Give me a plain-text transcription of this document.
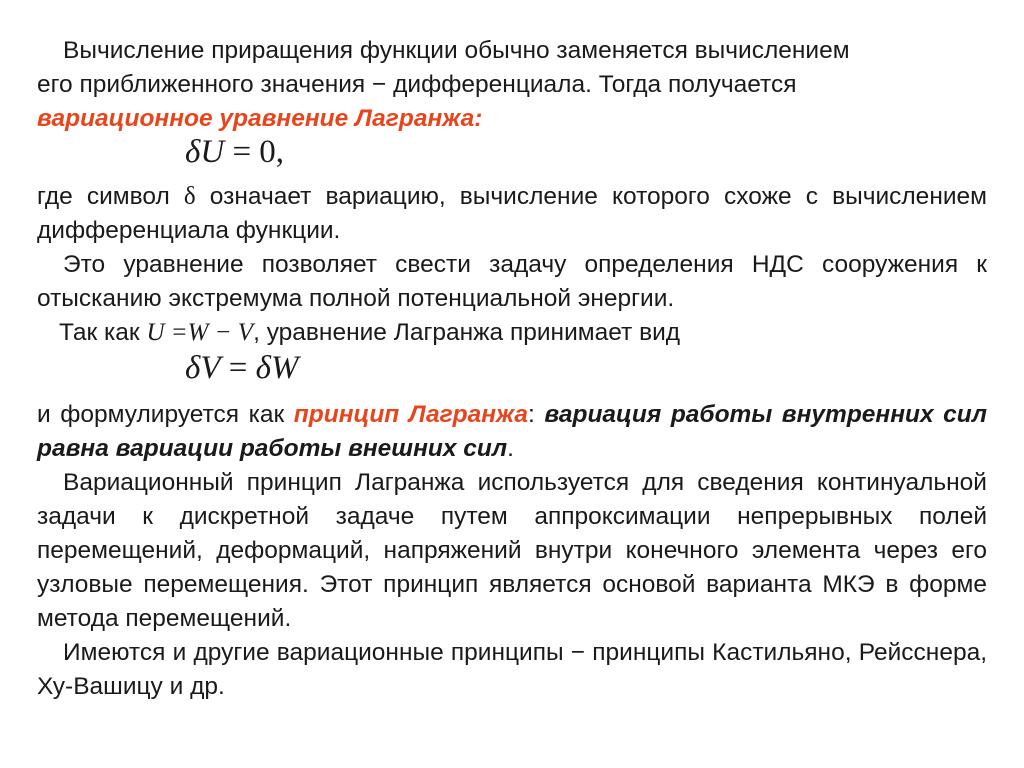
Вычисление приращения функции обычно заменяется вычислением
его приближенного значения − дифференциала. Тогда получается
вариационное уравнение Лагранжа:
δU = 0,
где символ δ означает вариацию, вычисление которого схоже с вычислением дифференциала функции.
Это уравнение позволяет свести задачу определения НДС сооружения к отысканию экстремума полной потенциальной энергии.
Так как U =W − V, уравнение Лагранжа принимает вид
δV = δW
и формулируется как принцип Лагранжа: вариация работы внутренних сил равна вариации работы внешних сил.
Вариационный принцип Лагранжа используется для сведения континуальной задачи к дискретной задаче путем аппроксимации непрерывных полей перемещений, деформаций, напряжений внутри конечного элемента через его узловые перемещения. Этот принцип является основой варианта МКЭ в форме метода перемещений.
Имеются и другие вариационные принципы − принципы Кастильяно, Рейсснера, Ху-Вашицу и др.
